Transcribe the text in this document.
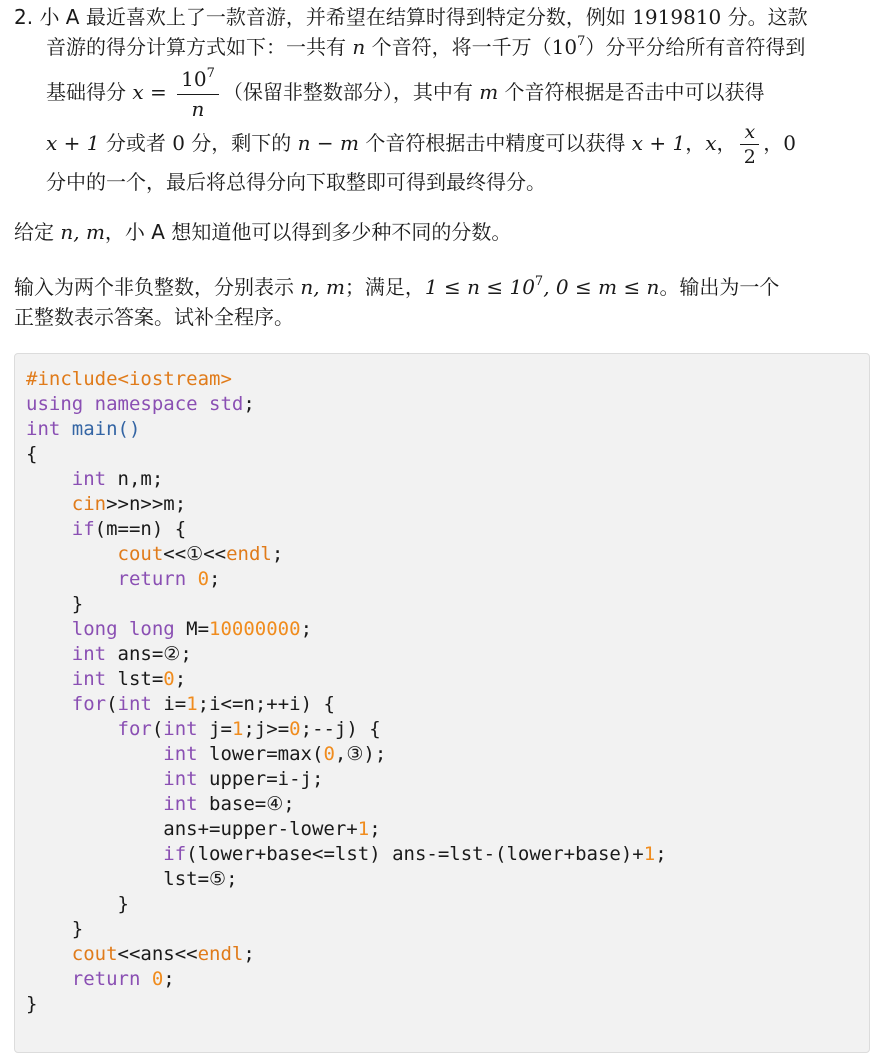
2. 小 A 最近喜欢上了一款音游，并希望在结算时得到特定分数，例如 1919810 分。这款
音游的得分计算方式如下：一共有 n 个音符，将一千万$(10^7)$分平分给所有音符得到
基础得分 $x = \frac{10^7}{n}$ （保留非整数部分），其中有 m 个音符根据是否击中可以获得
x + 1 分或者 0 分，剩下的 n − m 个音符根据击中精度可以获得 x + 1，x， $\frac{x}{2}$ ，0
分中的一个，最后将总得分向下取整即可得到最终得分。
给定 n, m，小 A 想知道他可以得到多少种不同的分数。
输入为两个非负整数，分别表示 n, m；满足，$1 \le n \le 10^7$, 0 ≤ m ≤ n。输出为一个
正整数表示答案。试补全程序。
#include<iostream>
using namespace std;
int main()
{
int n,m;
cin>>n>>m;
if(m==n) {
cout<<①<<endl;
return 0;
}
long long M=10000000;
int ans=②;
int lst=0;
for(int i=1;i<=n;++i) {
for(int j=1;j>=0;--j) {
int lower=max(0,③);
int upper=i-j;
int base=④;
ans+=upper-lower+1;
if(lower+base<=lst) ans-=lst-(lower+base)+1;
lst=⑤;
}
}
cout<<ans<<endl;
return 0;
}
